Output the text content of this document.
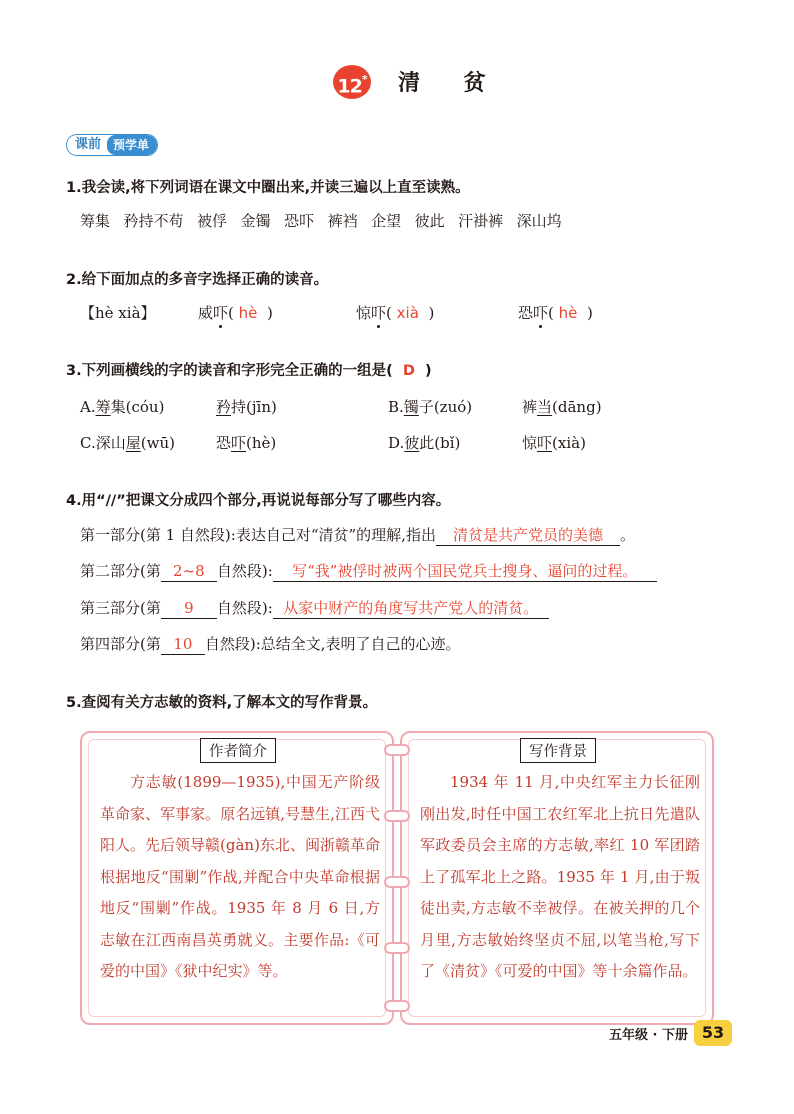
12* 清 贫
课前	预学单
1.我会读,将下列词语在课文中圈出来,并读三遍以上直至读熟。
筹集 矜持不苟 被俘 金镯 恐吓 裤裆 企望 彼此 汗褂裤 深山坞
2.给下面加点的多音字选择正确的读音。
【hè xià】	威吓( hè )	惊吓( xià )	恐吓( hè )
3.下列画横线的字的读音和字形完全正确的一组是( D )
A.筹集(cóu)	矜持(jīn)	B.镯子(zuó)	裤当(dāng)
C.深山屋(wū)	恐吓(hè)	D.彼此(bǐ)	惊吓(xià)
4.用“//”把课文分成四个部分,再说说每部分写了哪些内容。
第一部分(第 1 自然段):表达自己对“清贫”的理解,指出 清贫是共产党员的美德 。
第二部分(第 2~8 自然段): 写“我”被俘时被两个国民党兵士搜身、逼问的过程。
第三部分(第 9 自然段): 从家中财产的角度写共产党人的清贫。
第四部分(第 10 自然段):总结全文,表明了自己的心迹。
5.查阅有关方志敏的资料,了解本文的写作背景。
作者简介
方志敏(1899—1935),中国无产阶级革命家、军事家。原名远镇,号慧生,江西弋阳人。先后领导赣(gàn)东北、闽浙赣革命根据地反“围剿”作战,并配合中央革命根据地反“围剿”作战。1935 年 8 月 6 日,方志敏在江西南昌英勇就义。主要作品:《可爱的中国》《狱中纪实》等。
写作背景
1934 年 11 月,中央红军主力长征刚刚出发,时任中国工农红军北上抗日先遣队军政委员会主席的方志敏,率红 10 军团踏上了孤军北上之路。1935 年 1 月,由于叛徒出卖,方志敏不幸被俘。在被关押的几个月里,方志敏始终坚贞不屈,以笔当枪,写下了《清贫》《可爱的中国》等十余篇作品。
五年级 · 下册 53
